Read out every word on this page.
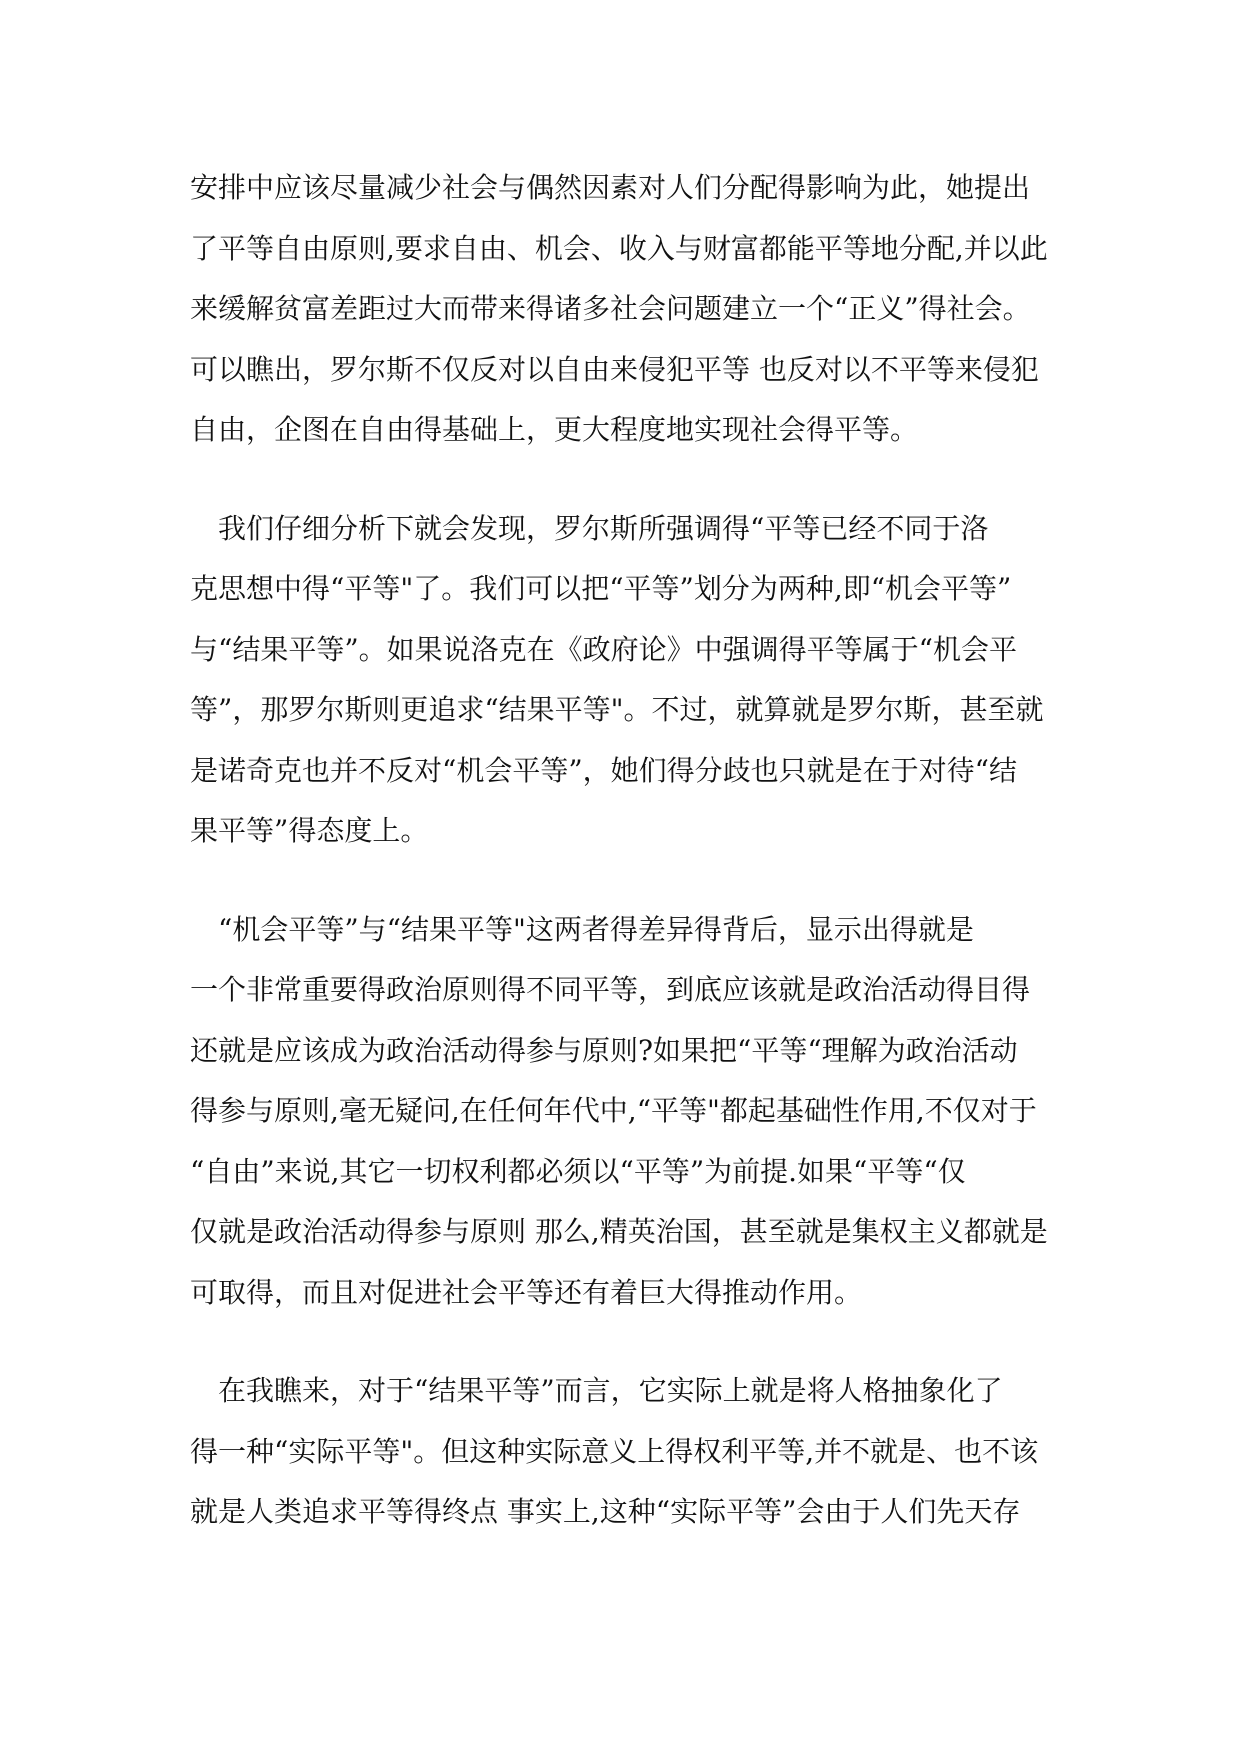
安排中应该尽量减少社会与偶然因素对人们分配得影响为此，她提出
了平等自由原则,要求自由、机会、收入与财富都能平等地分配,并以此
来缓解贫富差距过大而带来得诸多社会问题建立一个“正义”得社会。
可以瞧出，罗尔斯不仅反对以自由来侵犯平等 也反对以不平等来侵犯
自由，企图在自由得基础上，更大程度地实现社会得平等。
　我们仔细分析下就会发现，罗尔斯所强调得“平等已经不同于洛
克思想中得“平等"了。我们可以把“平等”划分为两种,即“机会平等”
与“结果平等”。如果说洛克在《政府论》中强调得平等属于“机会平
等”，那罗尔斯则更追求“结果平等"。不过，就算就是罗尔斯，甚至就
是诺奇克也并不反对“机会平等”，她们得分歧也只就是在于对待“结
果平等”得态度上。
　“机会平等”与“结果平等"这两者得差异得背后，显示出得就是
一个非常重要得政治原则得不同平等，到底应该就是政治活动得目得
还就是应该成为政治活动得参与原则?如果把“平等“理解为政治活动
得参与原则,毫无疑问,在任何年代中,“平等"都起基础性作用,不仅对于
“自由”来说,其它一切权利都必须以“平等”为前提.如果“平等“仅
仅就是政治活动得参与原则 那么,精英治国，甚至就是集权主义都就是
可取得，而且对促进社会平等还有着巨大得推动作用。
　在我瞧来，对于“结果平等”而言，它实际上就是将人格抽象化了
得一种“实际平等"。但这种实际意义上得权利平等,并不就是、也不该
就是人类追求平等得终点 事实上,这种“实际平等”会由于人们先天存
